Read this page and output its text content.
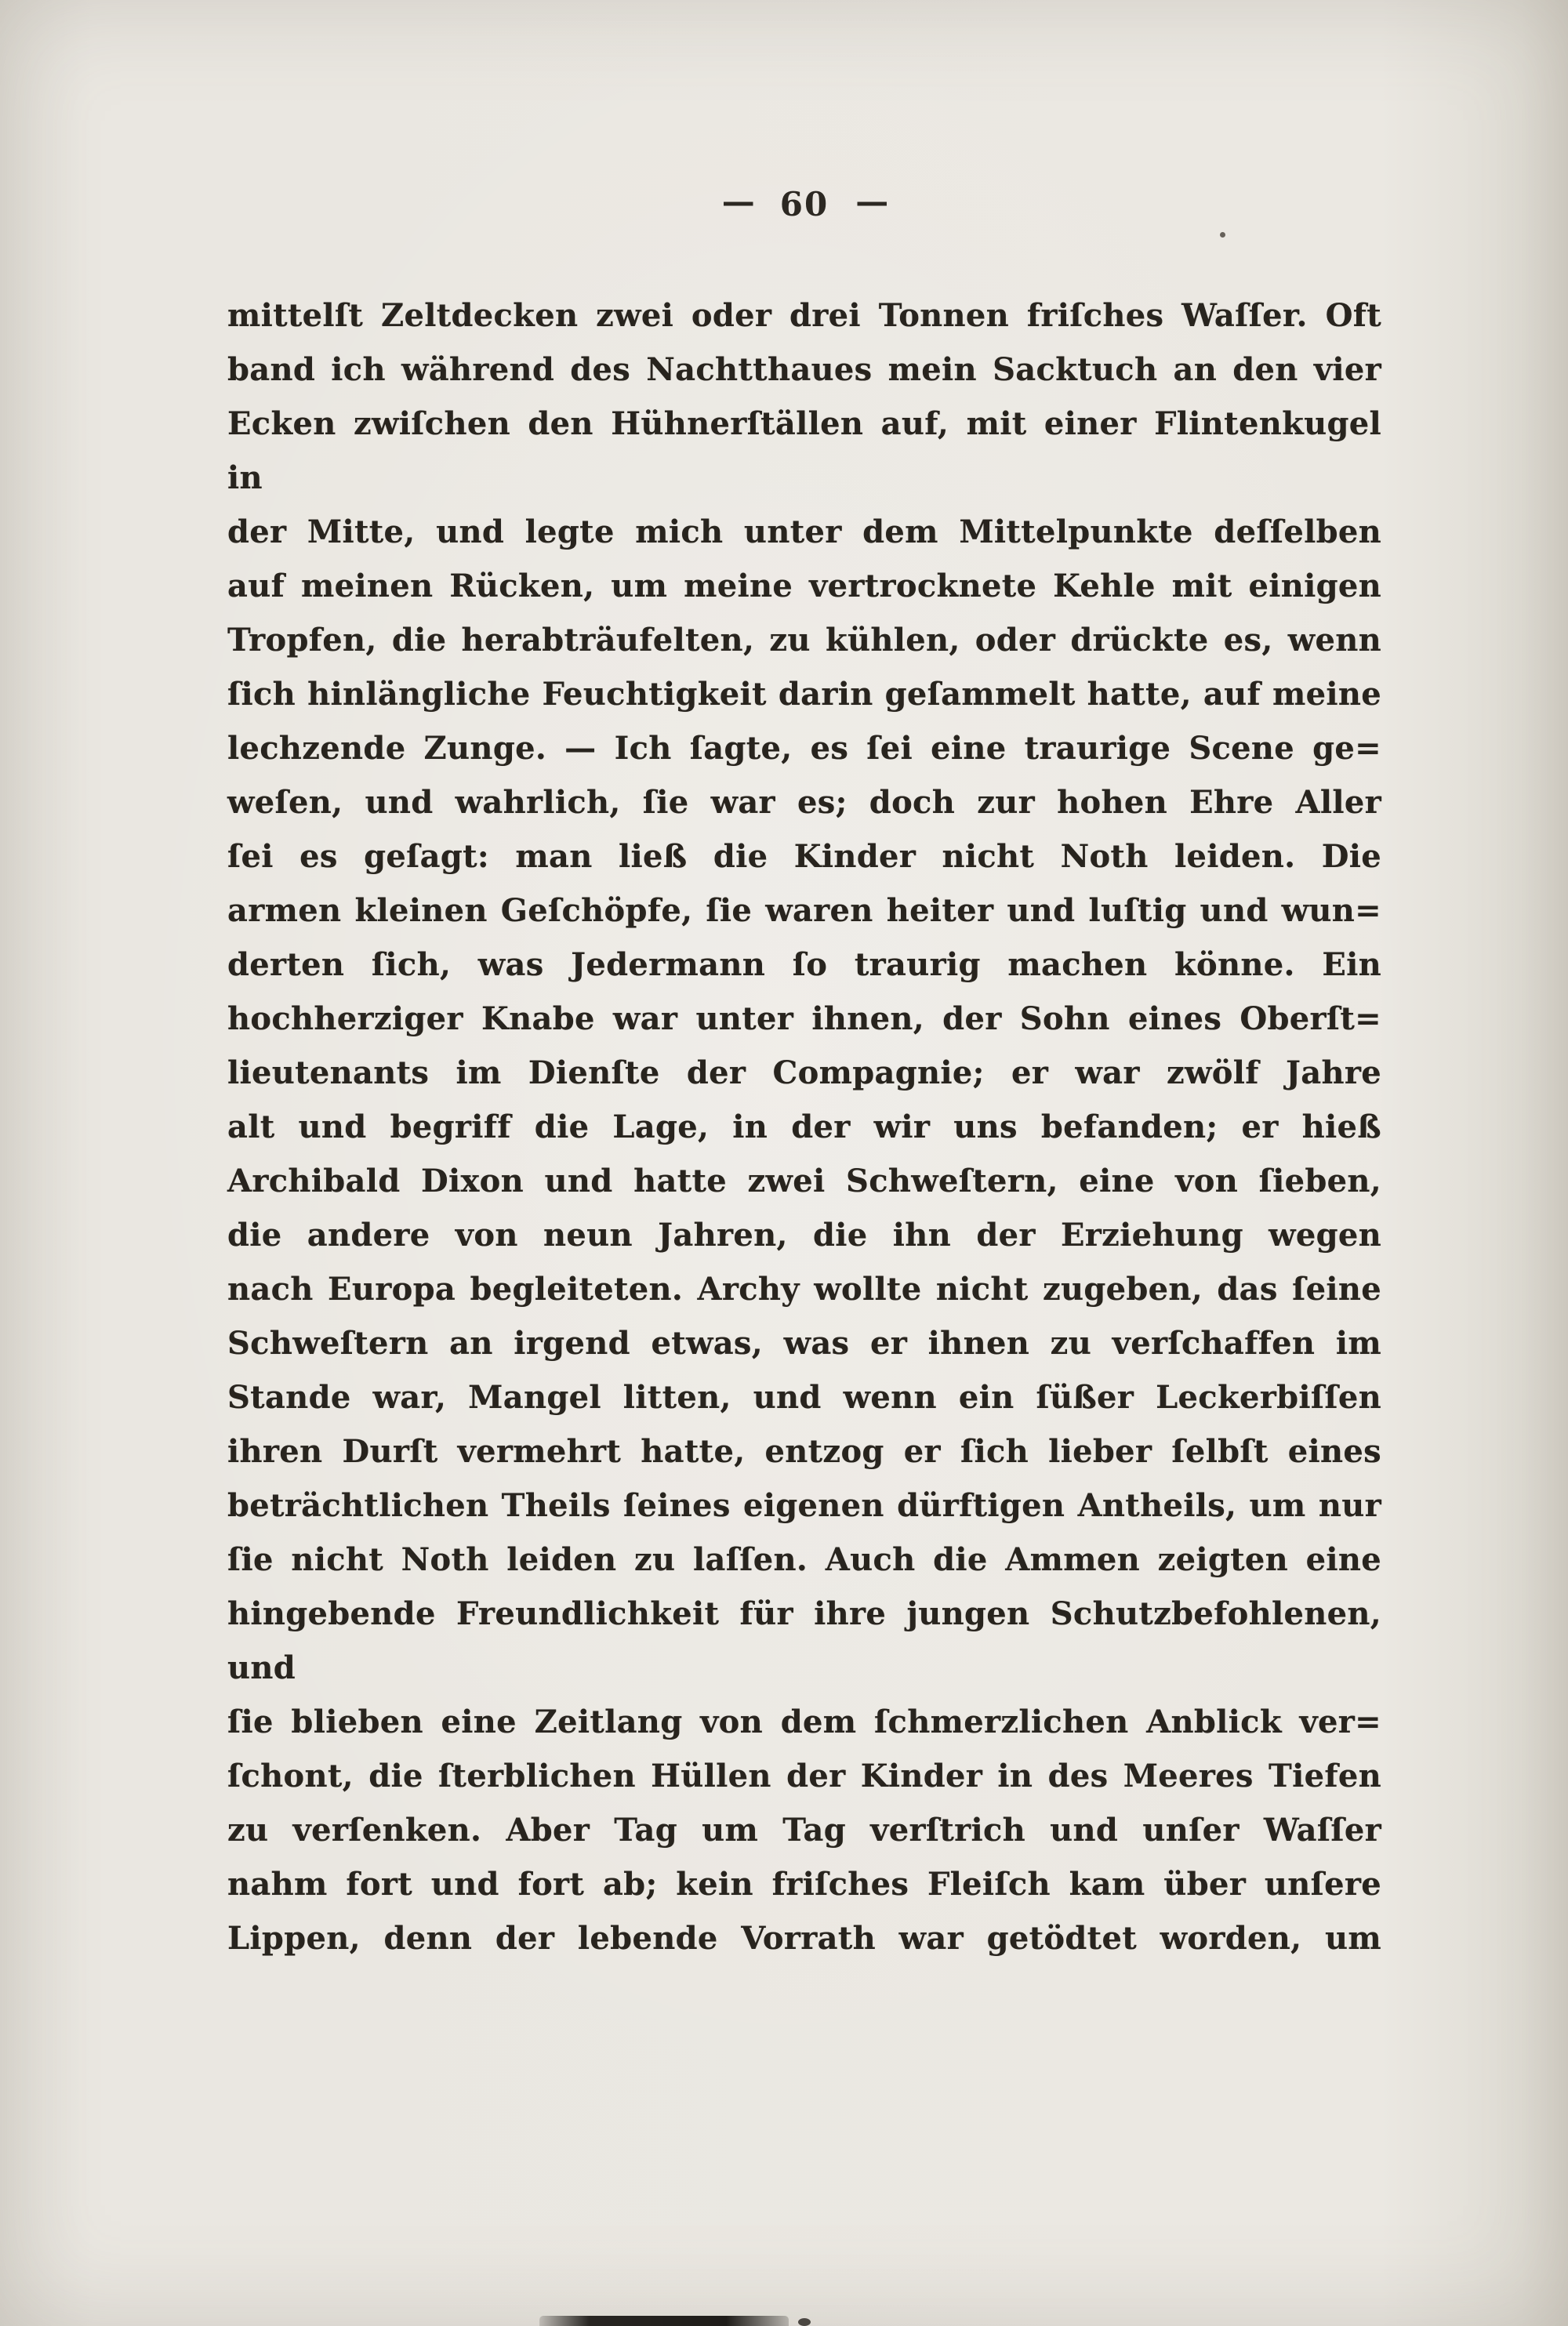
— 60 —
mittelſt Zeltdecken zwei oder drei Tonnen friſches Waſſer. Oft
band ich während des Nachtthaues mein Sacktuch an den vier
Ecken zwiſchen den Hühnerſtällen auf, mit einer Flintenkugel in
der Mitte, und legte mich unter dem Mittelpunkte deſſelben
auf meinen Rücken, um meine vertrocknete Kehle mit einigen
Tropfen, die herabträufelten, zu kühlen, oder drückte es, wenn
ſich hinlängliche Feuchtigkeit darin geſammelt hatte, auf meine
lechzende Zunge. — Ich ſagte, es ſei eine traurige Scene ge=
weſen, und wahrlich, ſie war es; doch zur hohen Ehre Aller
ſei es geſagt: man ließ die Kinder nicht Noth leiden. Die
armen kleinen Geſchöpfe, ſie waren heiter und luſtig und wun=
derten ſich, was Jedermann ſo traurig machen könne. Ein
hochherziger Knabe war unter ihnen, der Sohn eines Oberſt=
lieutenants im Dienſte der Compagnie; er war zwölf Jahre
alt und begriff die Lage, in der wir uns befanden; er hieß
Archibald Dixon und hatte zwei Schweſtern, eine von ſieben,
die andere von neun Jahren, die ihn der Erziehung wegen
nach Europa begleiteten. Archy wollte nicht zugeben, das ſeine
Schweſtern an irgend etwas, was er ihnen zu verſchaffen im
Stande war, Mangel litten, und wenn ein ſüßer Leckerbiſſen
ihren Durſt vermehrt hatte, entzog er ſich lieber ſelbſt eines
beträchtlichen Theils ſeines eigenen dürftigen Antheils, um nur
ſie nicht Noth leiden zu laſſen. Auch die Ammen zeigten eine
hingebende Freundlichkeit für ihre jungen Schutzbefohlenen, und
ſie blieben eine Zeitlang von dem ſchmerzlichen Anblick ver=
ſchont, die ſterblichen Hüllen der Kinder in des Meeres Tiefen
zu verſenken. Aber Tag um Tag verſtrich und unſer Waſſer
nahm fort und fort ab; kein friſches Fleiſch kam über unſere
Lippen, denn der lebende Vorrath war getödtet worden, um
